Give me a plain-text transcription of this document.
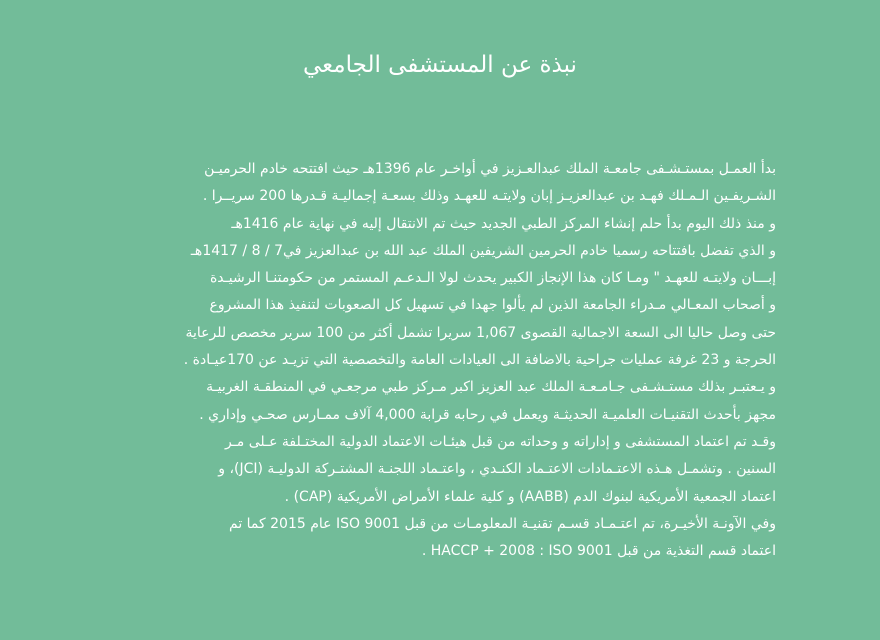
نبذة عن المستشفى الجامعي
بدأ العمـل بمستـشـفى جامعـة الملك عبدالعـزيز في أواخـر عام 1396هـ حيث افتتحه خادم الحرميـن
الشـريفـين الـمـلك فهـد بن عبدالعزيـز إبان ولايتـه للعهـد وذلك بسعـة إجماليـة قـدرها 200 سريــرا .
و منذ ذلك اليوم بدأ حلم إنشاء المركز الطبي الجديد حيث تم الانتقال إليه في نهاية عام 1416هـ
و الذي تفضل بافتتاحه رسميا خادم الحرمين الشريفين الملك عبد الله بن عبدالعزيز في7 / 8 / 1417هـ
إبـــان ولايتـه للعهـد " ومـا كان هذا الإنجاز الكبير يحدث لولا الـدعـم المستمر من حكومتنـا الرشيـدة
و أصحاب المعـالي مـدراء الجامعة الذين لم يألوا جهدا في تسهيل كل الصعوبات لتنفيذ هذا المشروع
حتى وصل حاليا الى السعة الاجمالية القصوى 1,067 سريرا تشمل أكثر من 100 سرير مخصص للرعاية
الحرجة و 23 غرفة عمليات جراحية بالاضافة الى العيادات العامة والتخصصية التي تزيـد عن 170عيـادة .
و يـعتبـر بذلك مستـشـفى جـامـعـة الملك عبد العزيز اكبر مـركز طبي مرجعـي في المنطقـة الغربيـة
مجهز بأحدث التقنيـات العلميـة الحديثـة ويعمل في رحابه قرابة 4,000 آلاف ممـارس صحـي وإداري .
وقـد تم اعتماد المستشفى و إداراته و وحداته من قبل هيئـات الاعتماد الدولية المختـلفة عـلى مـر
السنين . وتشمـل هـذه الاعتـمادات الاعتـماد الكنـدي ، واعتـماد اللجنـة المشتـركة الدوليـة (JCI)، و
اعتماد الجمعية الأمريكية لبنوك الدم (AABB) و كلية علماء الأمراض الأمريكية (CAP) .
وفي الآونـة الأخيـرة، تم اعتـمـاد قسـم تقنيـة المعلومـات من قبل ISO 9001 عام 2015 كما تم
اعتماد قسم التغذية من قبل HACCP + 2008 : ISO 9001 .
